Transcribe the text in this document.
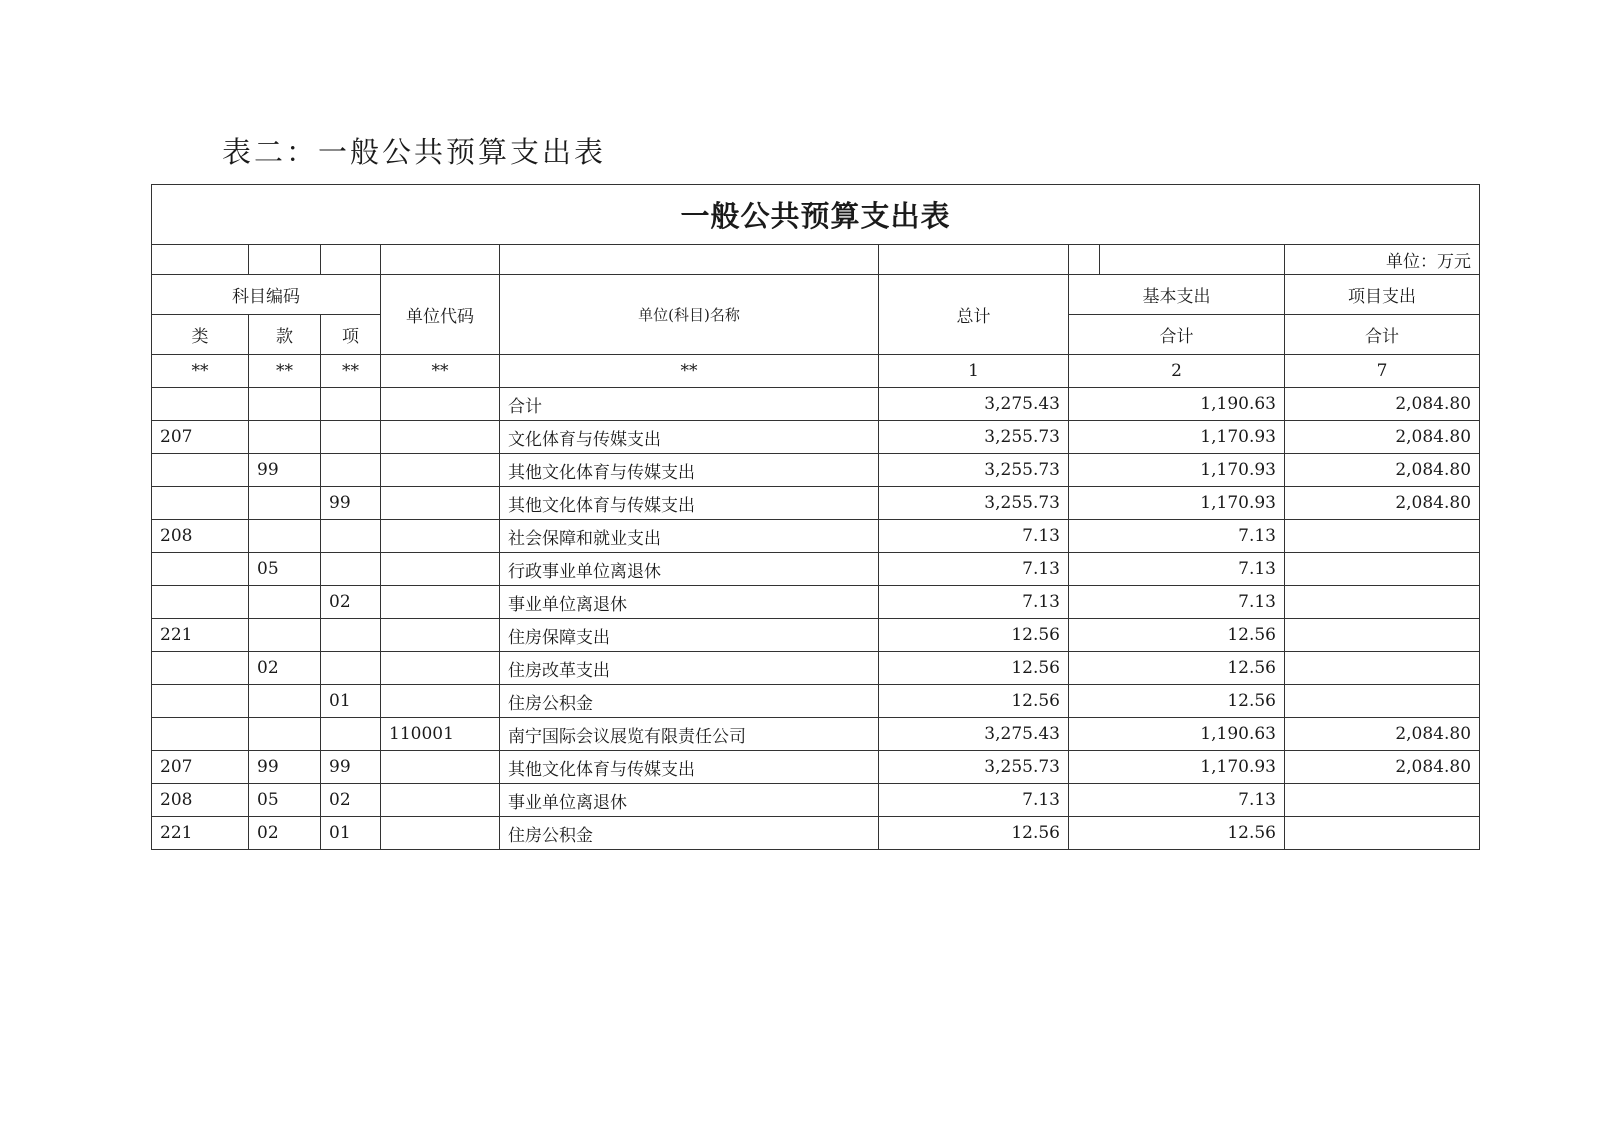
表二：一般公共预算支出表
一般公共预算支出表							

	单位：万元
科目编码			单位代码	单位(科目)名称	总计	基本支出	项目支出
类	款	项				合计	合计
**	**	**	**	**	1	2	7
				合计	3,275.43	1,190.63	2,084.80
207				文化体育与传媒支出	3,255.73	1,170.93	2,084.80
	99			其他文化体育与传媒支出	3,255.73	1,170.93	2,084.80
		99		其他文化体育与传媒支出	3,255.73	1,170.93	2,084.80
208				社会保障和就业支出	7.13	7.13	
	05			行政事业单位离退休	7.13	7.13	
		02		事业单位离退休	7.13	7.13	
221				住房保障支出	12.56	12.56	
	02			住房改革支出	12.56	12.56	
		01		住房公积金	12.56	12.56	
			110001	南宁国际会议展览有限责任公司	3,275.43	1,190.63	2,084.80
207	99	99		其他文化体育与传媒支出	3,255.73	1,170.93	2,084.80
208	05	02		事业单位离退休	7.13	7.13	
221	02	01		住房公积金	12.56	12.56	
